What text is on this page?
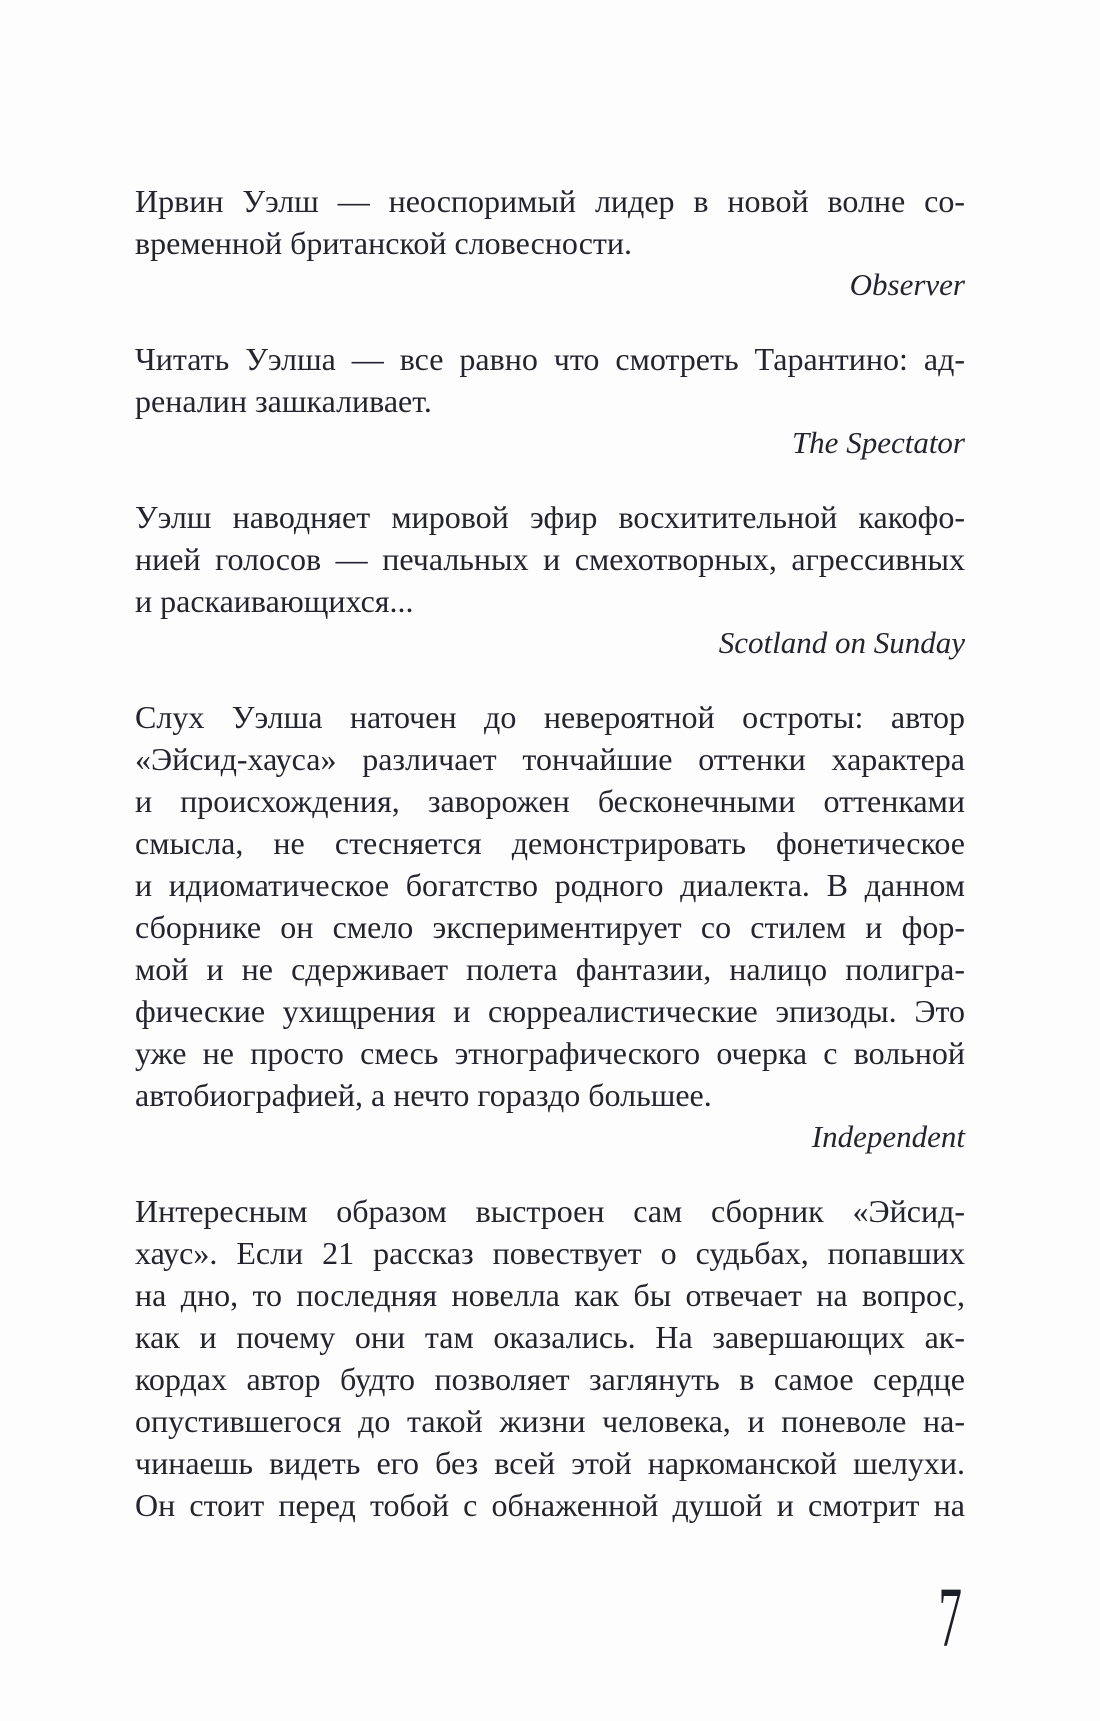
Ирвин Уэлш — неоспоримый лидер в новой волне со-
временной британской словесности.
Observer
Читать Уэлша — все равно что смотреть Тарантино: ад-
реналин зашкаливает.
The Spectator
Уэлш наводняет мировой эфир восхитительной какофо-
нией голосов — печальных и смехотворных, агрессивных
и раскаивающихся...
Scotland on Sunday
Слух Уэлша наточен до невероятной остроты: автор
«Эйсид-хауса» различает тончайшие оттенки характера
и происхождения, заворожен бесконечными оттенками
смысла, не стесняется демонстрировать фонетическое
и идиоматическое богатство родного диалекта. В данном
сборнике он смело экспериментирует со стилем и фор-
мой и не сдерживает полета фантазии, налицо полигра-
фические ухищрения и сюрреалистические эпизоды. Это
уже не просто смесь этнографического очерка с вольной
автобиографией, а нечто гораздо большее.
Independent
Интересным образом выстроен сам сборник «Эйсид-
хаус». Если 21 рассказ повествует о судьбах, попавших
на дно, то последняя новелла как бы отвечает на вопрос,
как и почему они там оказались. На завершающих ак-
кордах автор будто позволяет заглянуть в самое сердце
опустившегося до такой жизни человека, и поневоле на-
чинаешь видеть его без всей этой наркоманской шелухи.
Он стоит перед тобой с обнаженной душой и смотрит на
7
